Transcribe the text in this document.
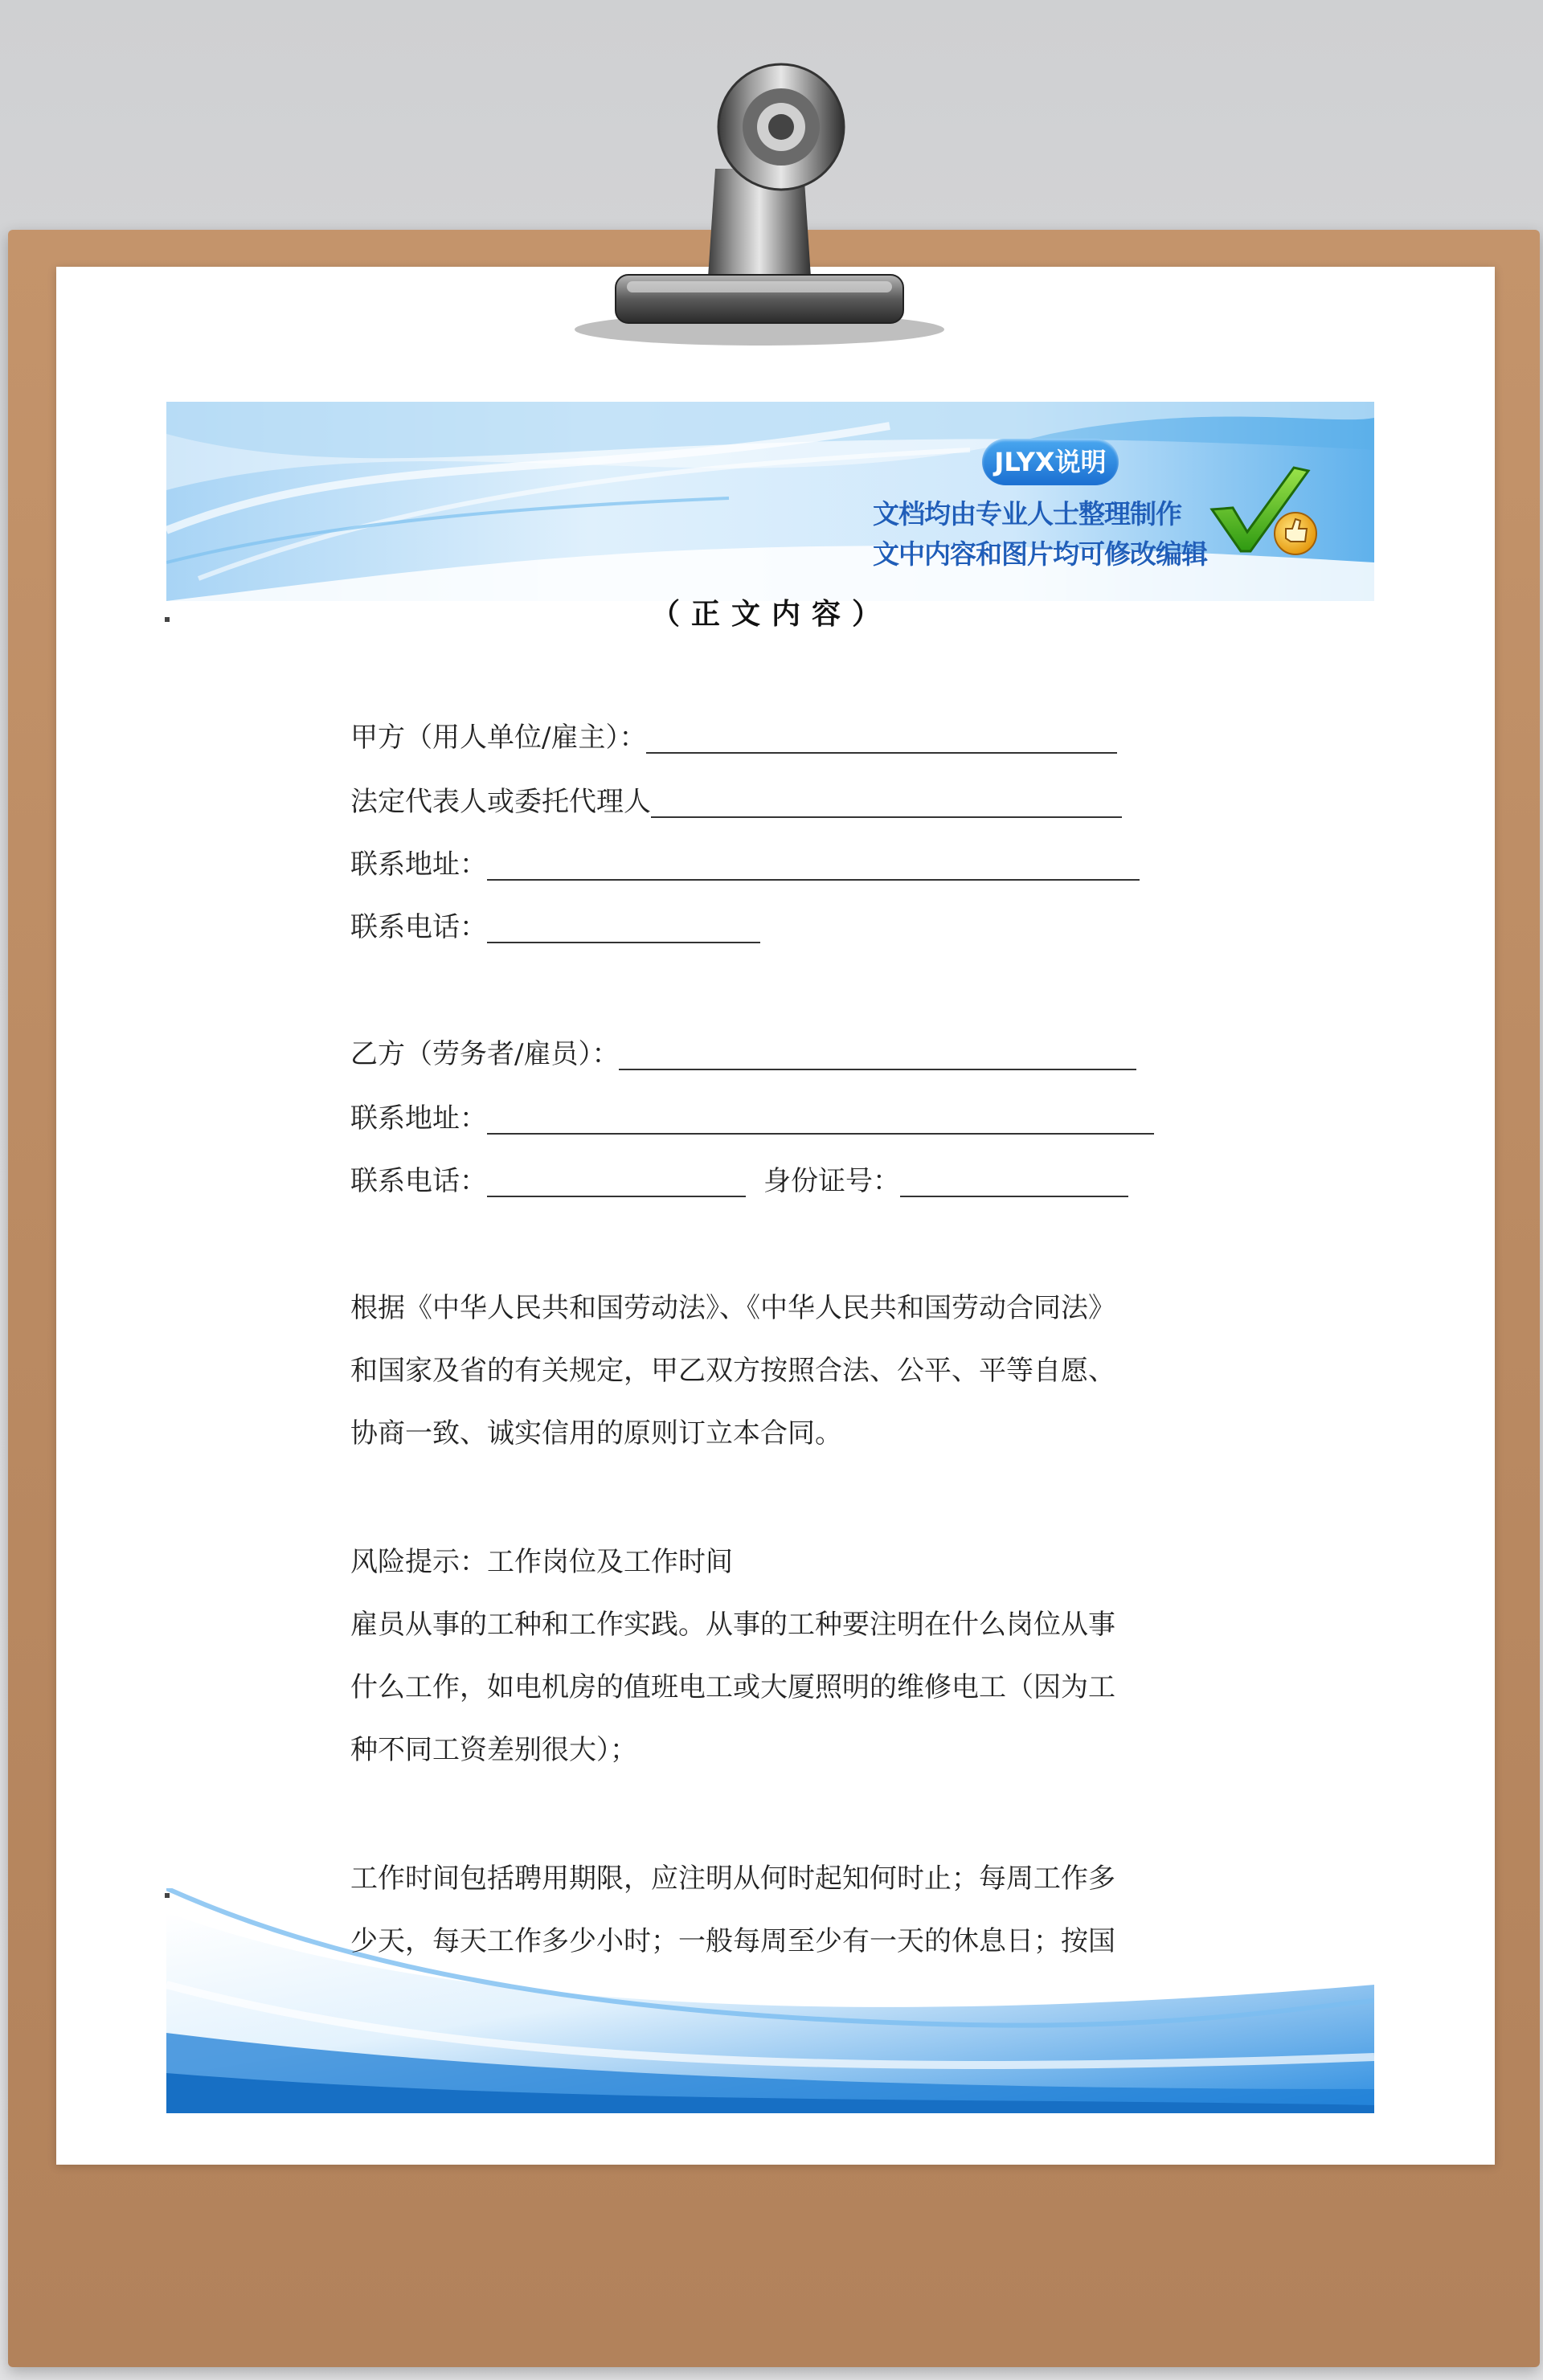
JLYX说明
文档均由专业人士整理制作
文中内容和图片均可修改编辑
（正文内容）
甲方（用人单位/雇主）：
法定代表人或委托代理人
联系地址：
联系电话：
乙方（劳务者/雇员）：
联系地址：
联系电话：	身份证号：
根据《中华人民共和国劳动法》、《中华人民共和国劳动合同法》
和国家及省的有关规定，甲乙双方按照合法、公平、平等自愿、
协商一致、诚实信用的原则订立本合同。
风险提示：工作岗位及工作时间
雇员从事的工种和工作实践。从事的工种要注明在什么岗位从事
什么工作，如电机房的值班电工或大厦照明的维修电工（因为工
种不同工资差别很大）；
工作时间包括聘用期限，应注明从何时起知何时止；每周工作多
少天，每天工作多少小时；一般每周至少有一天的休息日；按国
